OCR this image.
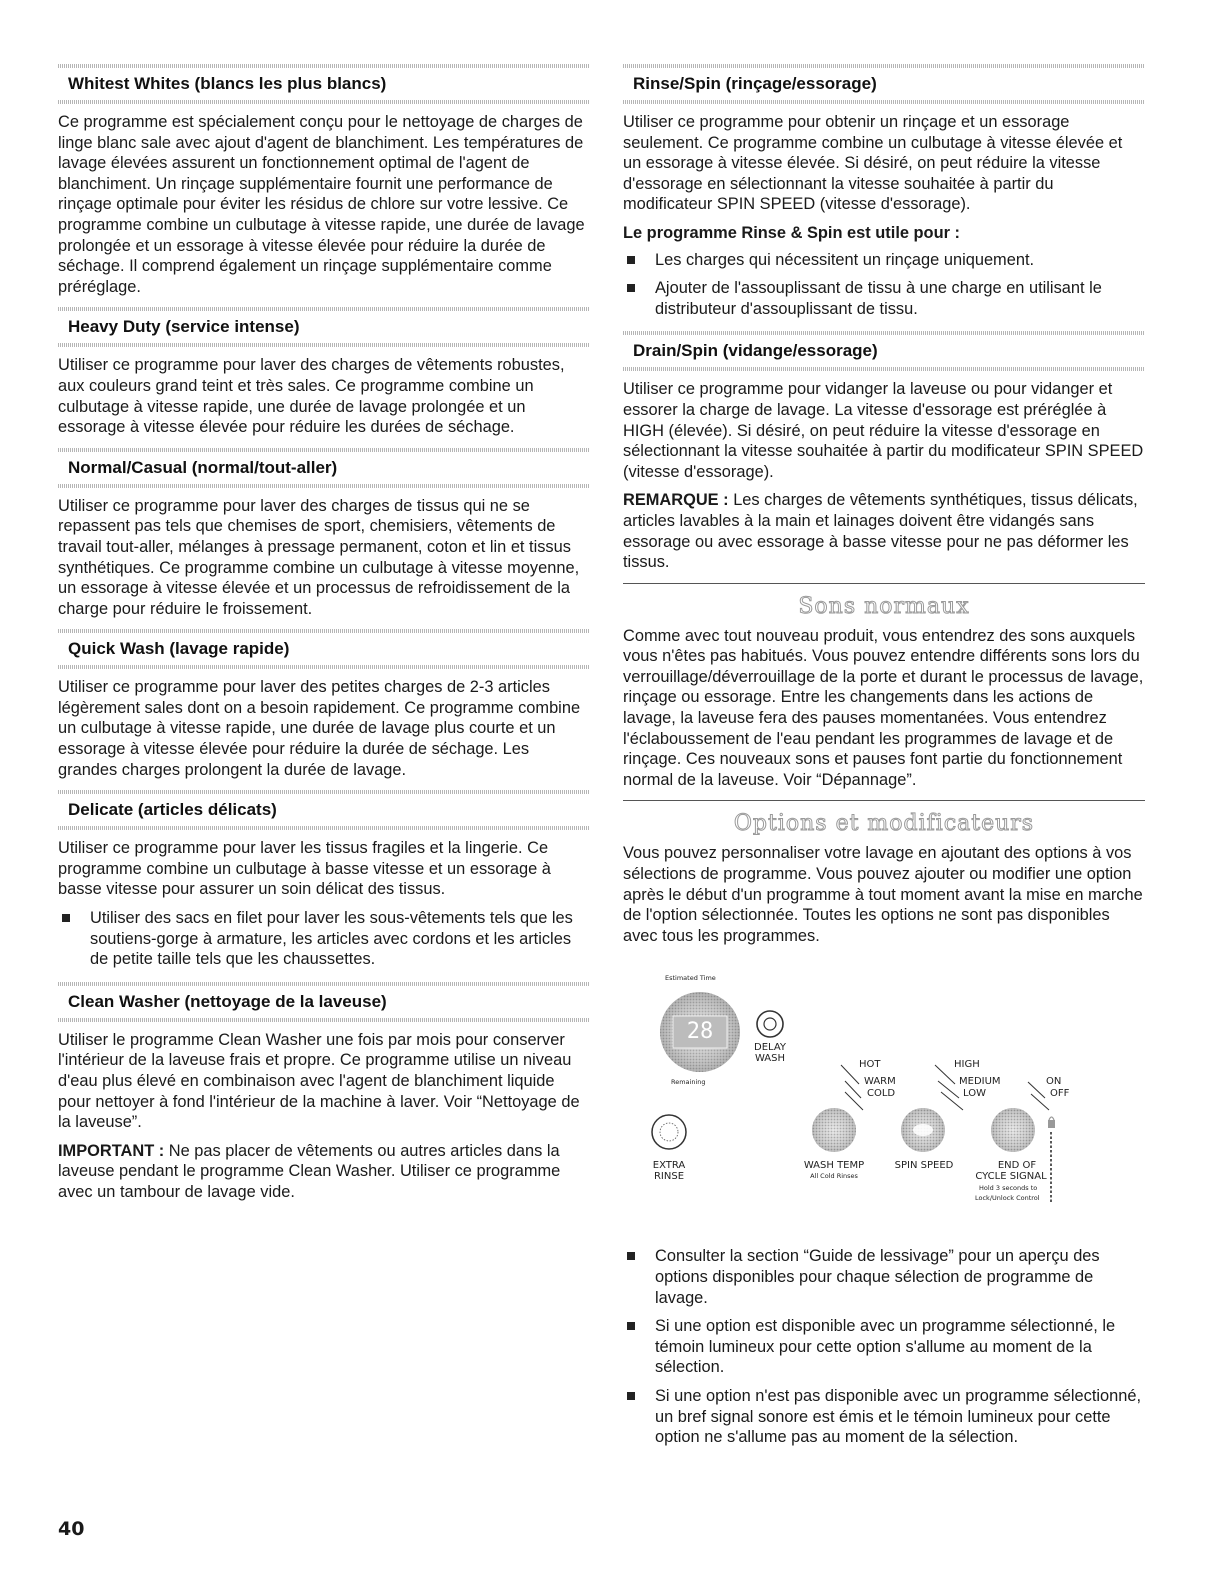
Whitest Whites (blancs les plus blancs)

Ce programme est spécialement conçu pour le nettoyage de charges de linge blanc sale avec ajout d'agent de blanchiment. Les températures de lavage élevées assurent un fonctionnement optimal de l'agent de blanchiment. Un rinçage supplémentaire fournit une performance de rinçage optimale pour éviter les résidus de chlore sur votre lessive. Ce programme combine un culbutage à vitesse rapide, une durée de lavage prolongée et un essorage à vitesse élevée pour réduire la durée de séchage. Il comprend également un rinçage supplémentaire comme préréglage.

Heavy Duty (service intense)

Utiliser ce programme pour laver des charges de vêtements robustes, aux couleurs grand teint et très sales. Ce programme combine un culbutage à vitesse rapide, une durée de lavage prolongée et un essorage à vitesse élevée pour réduire les durées de séchage.

Normal/Casual (normal/tout-aller)

Utiliser ce programme pour laver des charges de tissus qui ne se repassent pas tels que chemises de sport, chemisiers, vêtements de travail tout-aller, mélanges à pressage permanent, coton et lin et tissus synthétiques. Ce programme combine un culbutage à vitesse moyenne, un essorage à vitesse élevée et un processus de refroidissement de la charge pour réduire le froissement.

Quick Wash (lavage rapide)

Utiliser ce programme pour laver des petites charges de 2-3 articles légèrement sales dont on a besoin rapidement. Ce programme combine un culbutage à vitesse rapide, une durée de lavage plus courte et un essorage à vitesse élevée pour réduire la durée de séchage. Les grandes charges prolongent la durée de lavage.

Delicate (articles délicats)

Utiliser ce programme pour laver les tissus fragiles et la lingerie. Ce programme combine un culbutage à basse vitesse et un essorage à basse vitesse pour assurer un soin délicat des tissus.

Utiliser des sacs en filet pour laver les sous-vêtements tels que les soutiens-gorge à armature, les articles avec cordons et les articles de petite taille tels que les chaussettes.
Clean Washer (nettoyage de la laveuse)

Utiliser le programme Clean Washer une fois par mois pour conserver l'intérieur de la laveuse frais et propre. Ce programme utilise un niveau d'eau plus élevé en combinaison avec l'agent de blanchiment liquide pour nettoyer à fond l'intérieur de la machine à laver. Voir “Nettoyage de la laveuse”.

IMPORTANT : Ne pas placer de vêtements ou autres articles dans la laveuse pendant le programme Clean Washer. Utiliser ce programme avec un tambour de lavage vide.

Rinse/Spin (rinçage/essorage)

Utiliser ce programme pour obtenir un rinçage et un essorage seulement. Ce programme combine un culbutage à vitesse élevée et un essorage à vitesse élevée. Si désiré, on peut réduire la vitesse d'essorage en sélectionnant la vitesse souhaitée à partir du modificateur SPIN SPEED (vitesse d'essorage).

Le programme Rinse & Spin est utile pour :

Les charges qui nécessitent un rinçage uniquement.
Ajouter de l'assouplissant de tissu à une charge en utilisant le distributeur d'assouplissant de tissu.
Drain/Spin (vidange/essorage)

Utiliser ce programme pour vidanger la laveuse ou pour vidanger et essorer la charge de lavage. La vitesse d'essorage est préréglée à HIGH (élevée). Si désiré, on peut réduire la vitesse d'essorage en sélectionnant la vitesse souhaitée à partir du modificateur SPIN SPEED (vitesse d'essorage).

REMARQUE : Les charges de vêtements synthétiques, tissus délicats, articles lavables à la main et lainages doivent être vidangés sans essorage ou avec essorage à basse vitesse pour ne pas déformer les tissus.

Sons normaux

Comme avec tout nouveau produit, vous entendrez des sons auxquels vous n'êtes pas habitués. Vous pouvez entendre différents sons lors du verrouillage/déverrouillage de la porte et durant le processus de lavage, rinçage ou essorage. Entre les changements dans les actions de lavage, la laveuse fera des pauses momentanées. Vous entendrez l'éclaboussement de l'eau pendant les programmes de lavage et de rinçage. Ces nouveaux sons et pauses font partie du fonctionnement normal de la laveuse. Voir “Dépannage”.

Options et modificateurs

Vous pouvez personnaliser votre lavage en ajoutant des options à vos sélections de programme. Vous pouvez ajouter ou modifier une option après le début d'un programme à tout moment avant la mise en marche de l'option sélectionnée. Toutes les options ne sont pas disponibles avec tous les programmes.

Estimated Time
28
Remaining
DELAY
WASH
HOT
WARM
COLD
HIGH
MEDIUM
LOW
ON
OFF
EXTRA
RINSE
WASH TEMP
All Cold Rinses
SPIN SPEED	END OF
CYCLE SIGNAL
Hold 3 seconds to
Lock/Unlock Control
Consulter la section “Guide de lessivage” pour un aperçu des options disponibles pour chaque sélection de programme de lavage.
Si une option est disponible avec un programme sélectionné, le témoin lumineux pour cette option s'allume au moment de la sélection.
Si une option n'est pas disponible avec un programme sélectionné, un bref signal sonore est émis et le témoin lumineux pour cette option ne s'allume pas au moment de la sélection.
40
